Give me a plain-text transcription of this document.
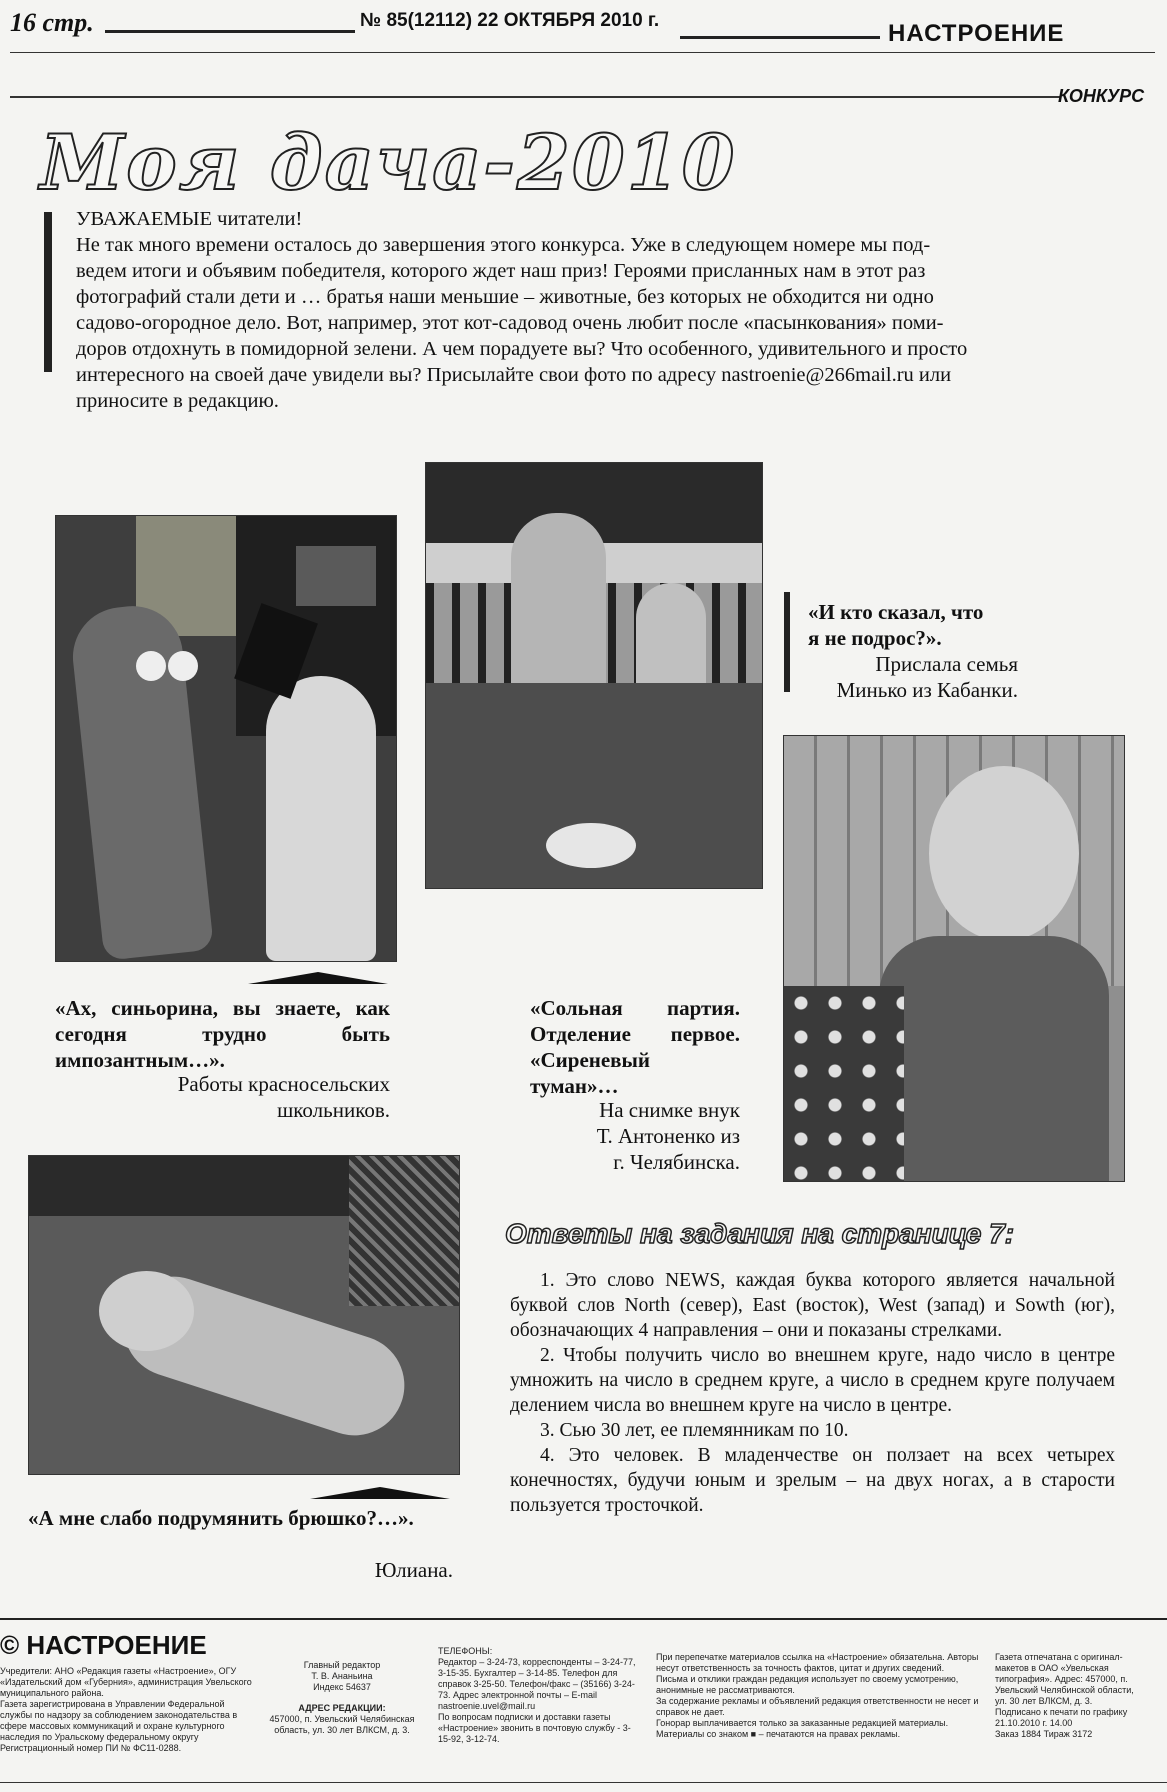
16 стр.	№ 85(12112) 22 ОКТЯБРЯ 2010 г.	НАСТРОЕНИЕ
КОНКУРС
Моя дача-2010
УВАЖАЕМЫЕ читатели!
Не так много времени осталось до завершения этого конкурса. Уже в следующем номере мы под-
ведем итоги и объявим победителя, которого ждет наш приз! Героями присланных нам в этот раз
фотографий стали дети и … братья наши меньшие – животные, без которых не обходится ни одно
садово-огородное дело. Вот, например, этот кот-садовод очень любит после «пасынкования» поми-
доров отдохнуть в помидорной зелени. А чем порадуете вы? Что особенного, удивительного и просто
интересного на своей даче увидели вы? Присылайте свои фото по адресу nastroenie@266mail.ru или
приносите в редакцию.
«Ах, синьорина, вы знаете, как сегодня трудно быть импозантным…».
Работы красносельских
школьников.
«Сольная партия. Отделение первое. «Сиреневый туман»…
На снимке внук
Т. Антоненко из
г. Челябинска.
«И кто сказал, что
я не подрос?».
Прислала семья
Минько из Кабанки.
«А мне слабо подрумянить брюшко?…».
Юлиана.
Ответы на задания на странице 7:
1. Это слово NEWS, каждая буква которого является начальной буквой слов North (север), East (восток), West (запад) и Sowth (юг), обозначающих 4 направления – они и показаны стрелками.
2. Чтобы получить число во внешнем круге, надо число в центре умножить на число в среднем круге, а число в среднем круге получаем делением числа во внешнем круге на число в центре.
3. Сью 30 лет, ее племянникам по 10.
4. Это человек. В младенчестве он ползает на всех четырех конечностях, будучи юным и зрелым – на двух ногах, а в старости пользуется тросточкой.
© НАСТРОЕНИЕ
Учредители: АНО «Редакция газеты «Настроение», ОГУ «Издательский дом «Губерния», администрация Увельского муниципального района.
Газета зарегистрирована в Управлении Федеральной службы по надзору за соблюдением законодательства в сфере массовых коммуникаций и охране культурного наследия по Уральскому федеральному округу
Регистрационный номер ПИ № ФС11-0288.
Главный редактор
Т. В. Ананьина
Индекс 54637
АДРЕС РЕДАКЦИИ:
457000, п. Увельский Челябинская область, ул. 30 лет ВЛКСМ, д. 3.
ТЕЛЕФОНЫ:
Редактор – 3-24-73, корреспонденты – 3-24-77, 3-15-35. Бухгалтер – 3-14-85. Телефон для справок 3-25-50. Телефон/факс – (35166) 3-24-73. Адрес электронной почты – E-mail nastroenie.uvel@mail.ru
По вопросам подписки и доставки газеты «Настроение» звонить в почтовую службу - 3-15-92, 3-12-74.
При перепечатке материалов ссылка на «Настроение» обязательна. Авторы несут ответственность за точность фактов, цитат и других сведений.
Письма и отклики граждан редакция использует по своему усмотрению, анонимные не рассматриваются.
За содержание рекламы и объявлений редакция ответственности не несет и справок не дает.
Гонорар выплачивается только за заказанные редакцией материалы. Материалы со знаком ■ – печатаются на правах рекламы.
Газета отпечатана с оригинал-макетов в ОАО «Увельская типография». Адрес: 457000, п. Увельский Челябинской области, ул. 30 лет ВЛКСМ, д. 3.
Подписано к печати по графику 21.10.2010 г. 14.00
Заказ 1884 Тираж 3172
